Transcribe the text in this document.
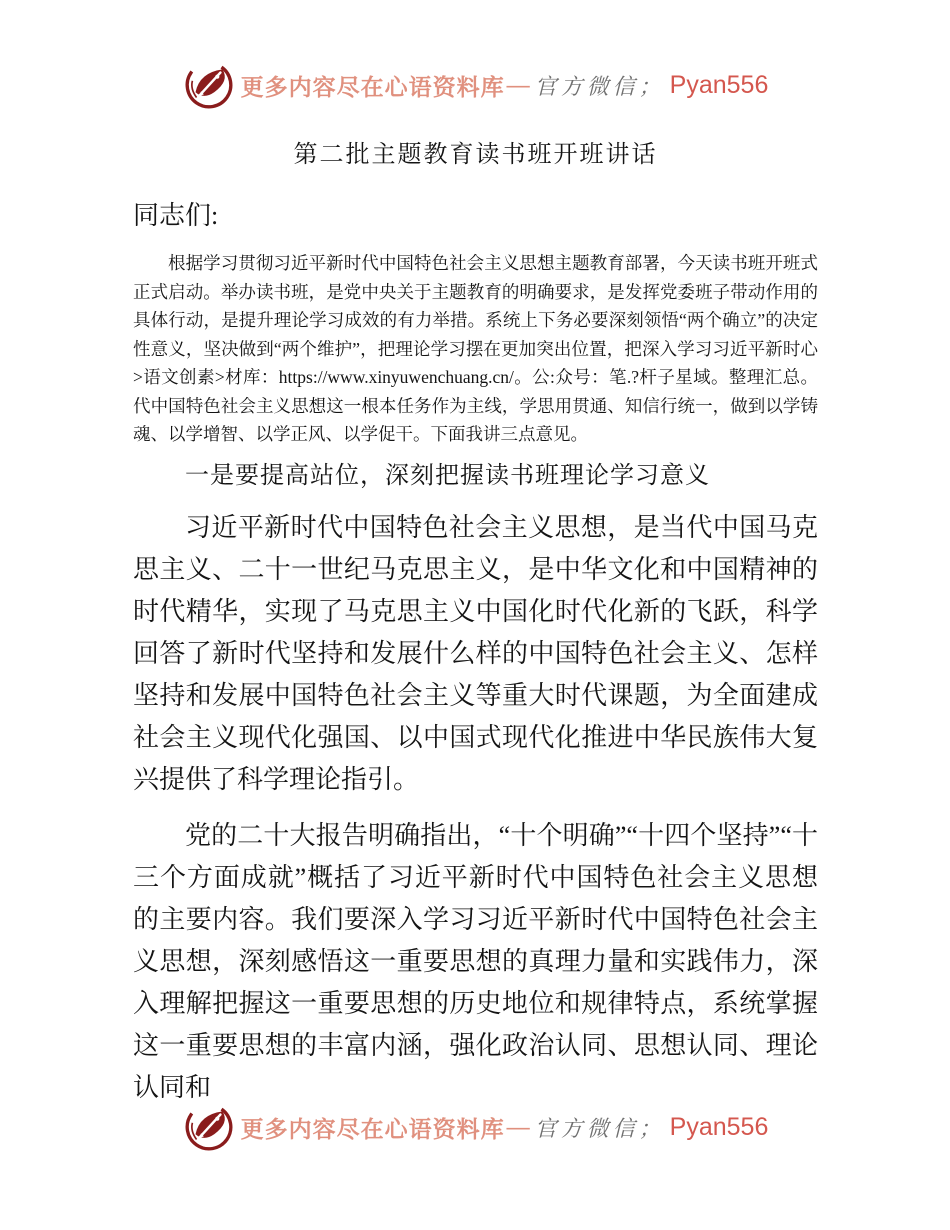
更多内容尽在心语资料库 — 官方微信； Pyan556
第二批主题教育读书班开班讲话

同志们:

根据学习贯彻习近平新时代中国特色社会主义思想主题教育部署，今天读书班开班式正式启动。举办读书班，是党中央关于主题教育的明确要求，是发挥党委班子带动作用的具体行动，是提升理论学习成效的有力举措。系统上下务必要深刻领悟“两个确立”的决定性意义，坚决做到“两个维护”，把理论学习摆在更加突出位置，把深入学习习近平新时心>语文创素>材库：https://www.xinyuwenchuang.cn/。公:众号：笔.?杆子星域。整理汇总。代中国特色社会主义思想这一根本任务作为主线，学思用贯通、知信行统一，做到以学铸魂、以学增智、以学正风、以学促干。下面我讲三点意见。

一是要提高站位，深刻把握读书班理论学习意义

习近平新时代中国特色社会主义思想，是当代中国马克思主义、二十一世纪马克思主义，是中华文化和中国精神的时代精华，实现了马克思主义中国化时代化新的飞跃，科学回答了新时代坚持和发展什么样的中国特色社会主义、怎样坚持和发展中国特色社会主义等重大时代课题，为全面建成社会主义现代化强国、以中国式现代化推进中华民族伟大复兴提供了科学理论指引。

党的二十大报告明确指出，“十个明确”“十四个坚持”“十三个方面成就”概括了习近平新时代中国特色社会主义思想的主要内容。我们要深入学习习近平新时代中国特色社会主义思想，深刻感悟这一重要思想的真理力量和实践伟力，深入理解把握这一重要思想的历史地位和规律特点，系统掌握这一重要思想的丰富内涵，强化政治认同、思想认同、理论认同和

更多内容尽在心语资料库 — 官方微信； Pyan556
